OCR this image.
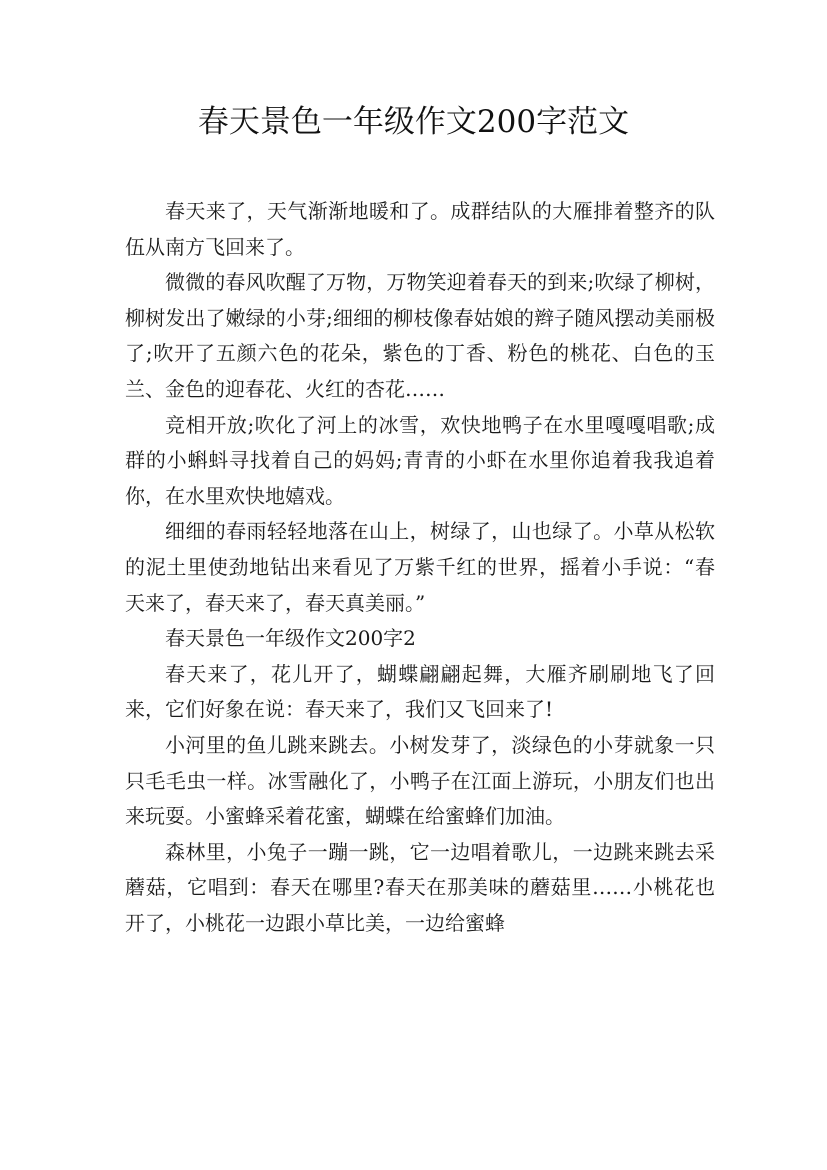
春天景色一年级作文200字范文

春天来了，天气渐渐地暖和了。成群结队的大雁排着整齐的队伍从南方飞回来了。

微微的春风吹醒了万物，万物笑迎着春天的到来;吹绿了柳树，柳树发出了嫩绿的小芽;细细的柳枝像春姑娘的辫子随风摆动美丽极了;吹开了五颜六色的花朵，紫色的丁香、粉色的桃花、白色的玉兰、金色的迎春花、火红的杏花……

竞相开放;吹化了河上的冰雪，欢快地鸭子在水里嘎嘎唱歌;成群的小蝌蚪寻找着自己的妈妈;青青的小虾在水里你追着我我追着你，在水里欢快地嬉戏。

细细的春雨轻轻地落在山上，树绿了，山也绿了。小草从松软的泥土里使劲地钻出来看见了万紫千红的世界，摇着小手说：“春天来了，春天来了，春天真美丽。”

春天景色一年级作文200字2

春天来了，花儿开了，蝴蝶翩翩起舞，大雁齐刷刷地飞了回来，它们好象在说：春天来了，我们又飞回来了!

小河里的鱼儿跳来跳去。小树发芽了，淡绿色的小芽就象一只只毛毛虫一样。冰雪融化了，小鸭子在江面上游玩，小朋友们也出来玩耍。小蜜蜂采着花蜜，蝴蝶在给蜜蜂们加油。

森林里，小兔子一蹦一跳，它一边唱着歌儿，一边跳来跳去采蘑菇，它唱到：春天在哪里?春天在那美味的蘑菇里……小桃花也开了，小桃花一边跟小草比美，一边给蜜蜂
